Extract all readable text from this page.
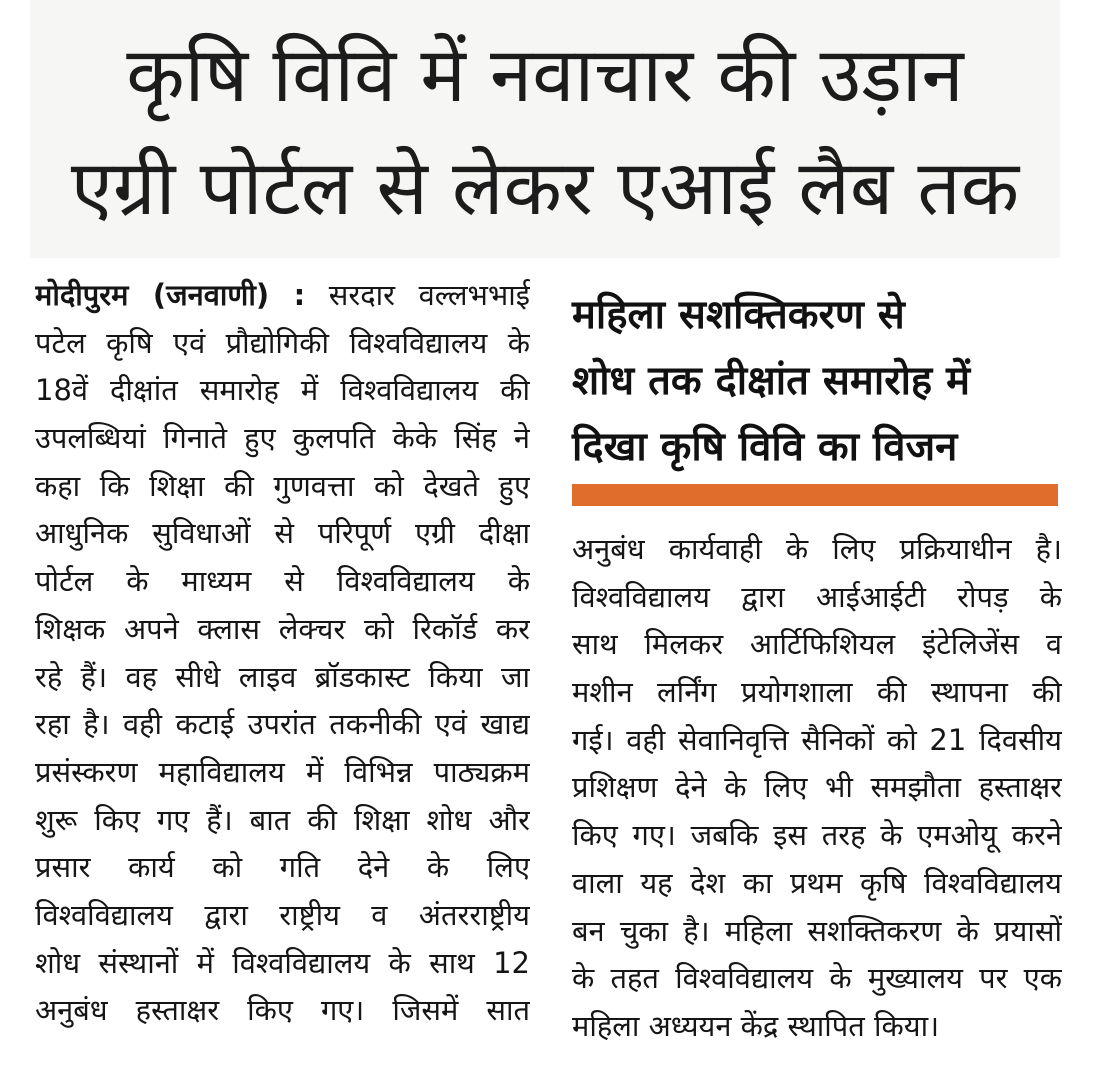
कृषि विवि में नवाचार की उड़ान
एग्री पोर्टल से लेकर एआई लैब तक
मोदीपुरम (जनवाणी) : सरदार वल्लभभाई
पटेल कृषि एवं प्रौद्योगिकी विश्वविद्यालय के
18वें दीक्षांत समारोह में विश्वविद्यालय की
उपलब्धियां गिनाते हुए कुलपति केके सिंह ने
कहा कि शिक्षा की गुणवत्ता को देखते हुए
आधुनिक सुविधाओं से परिपूर्ण एग्री दीक्षा
पोर्टल के माध्यम से विश्वविद्यालय के
शिक्षक अपने क्लास लेक्चर को रिकॉर्ड कर
रहे हैं। वह सीधे लाइव ब्रॉडकास्ट किया जा
रहा है। वही कटाई उपरांत तकनीकी एवं खाद्य
प्रसंस्करण महाविद्यालय में विभिन्न पाठ्यक्रम
शुरू किए गए हैं। बात की शिक्षा शोध और
प्रसार कार्य को गति देने के लिए
विश्वविद्यालय द्वारा राष्ट्रीय व अंतरराष्ट्रीय
शोध संस्थानों में विश्वविद्यालय के साथ 12
अनुबंध हस्ताक्षर किए गए। जिसमें सात
महिला सशक्तिकरण से
शोध तक दीक्षांत समारोह में
दिखा कृषि विवि का विजन
अनुबंध कार्यवाही के लिए प्रक्रियाधीन है।
विश्वविद्यालय द्वारा आईआईटी रोपड़ के
साथ मिलकर आर्टिफिशियल इंटेलिजेंस व
मशीन लर्निंग प्रयोगशाला की स्थापना की
गई। वही सेवानिवृत्ति सैनिकों को 21 दिवसीय
प्रशिक्षण देने के लिए भी समझौता हस्ताक्षर
किए गए। जबकि इस तरह के एमओयू करने
वाला यह देश का प्रथम कृषि विश्वविद्यालय
बन चुका है। महिला सशक्तिकरण के प्रयासों
के तहत विश्वविद्यालय के मुख्यालय पर एक
महिला अध्ययन केंद्र स्थापित किया।
